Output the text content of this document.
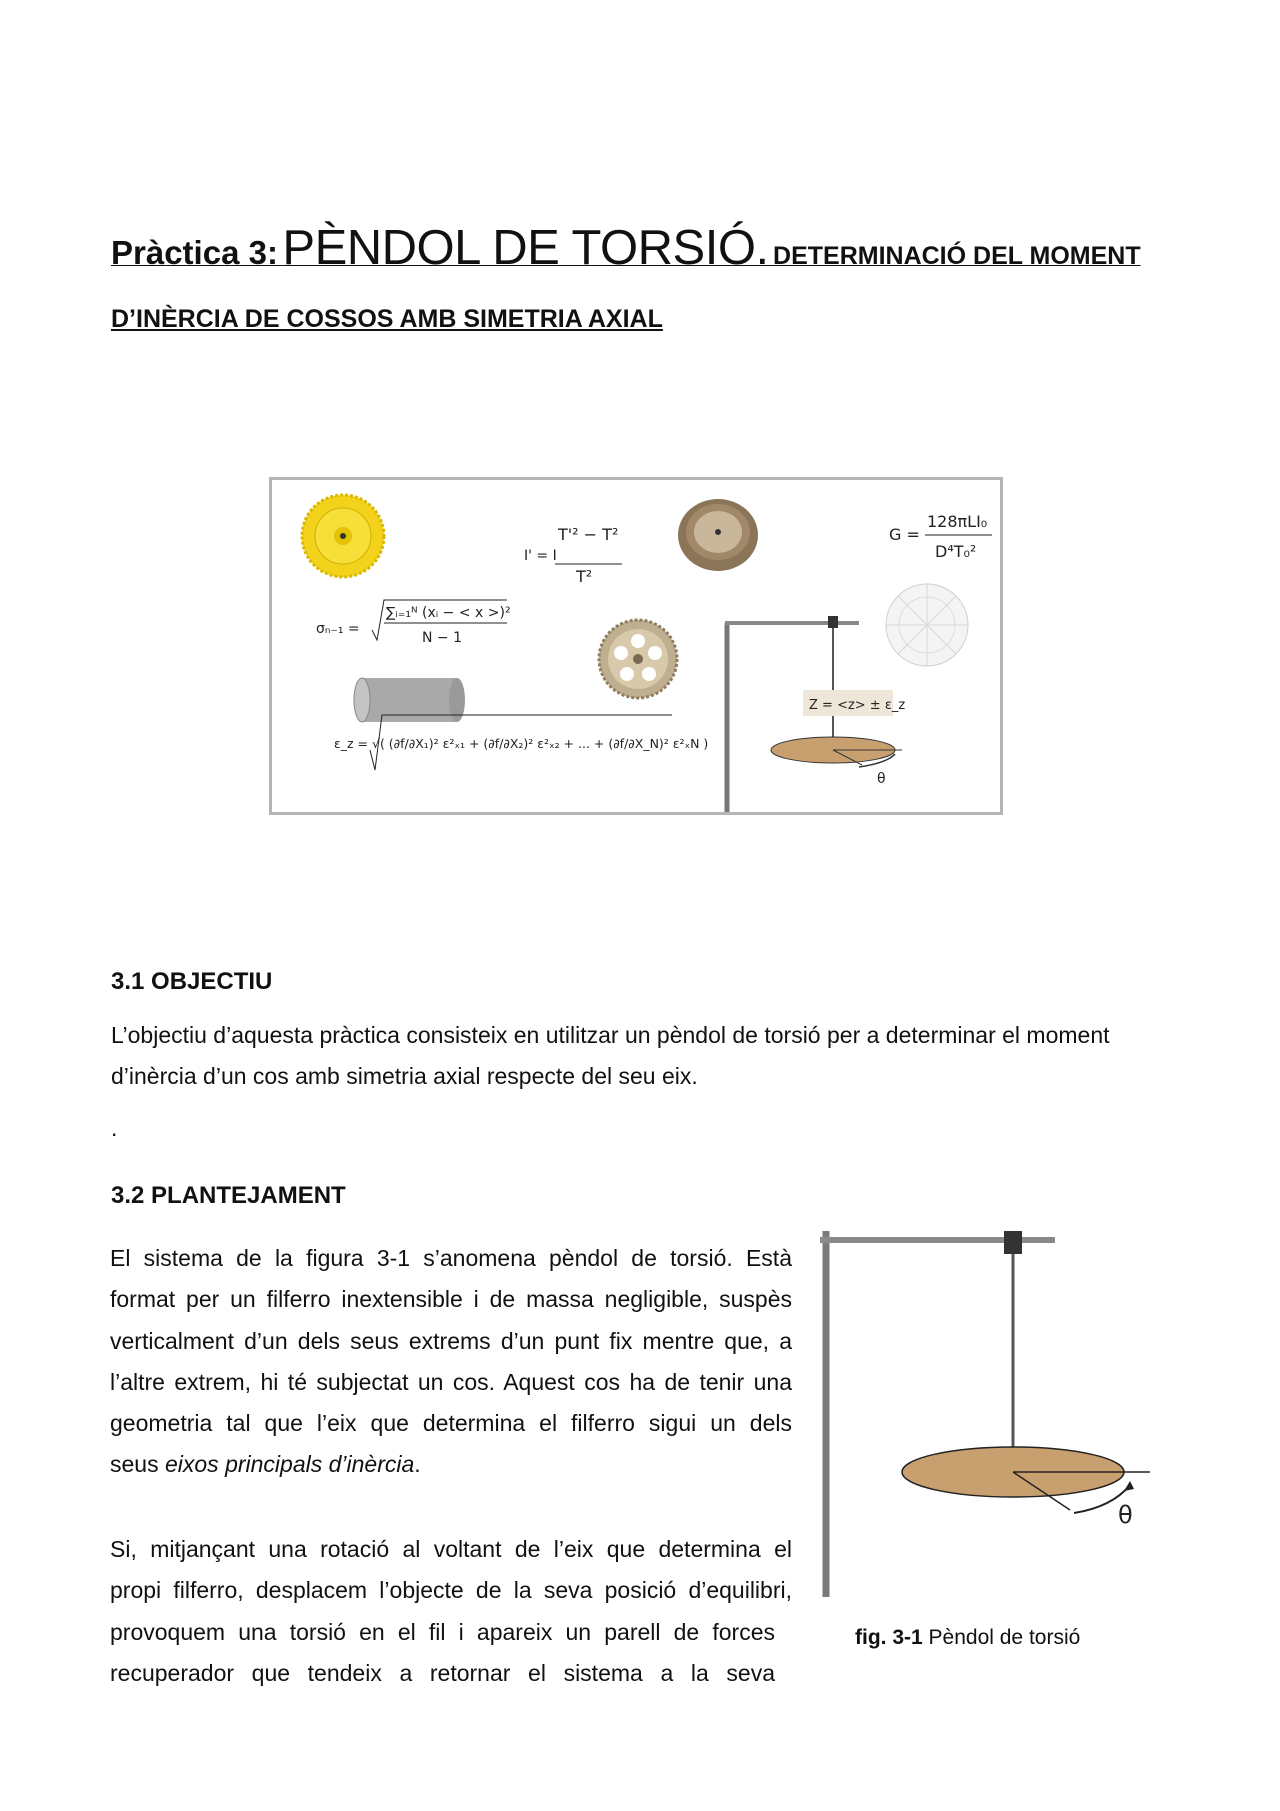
Pràctica 3: PÈNDOL DE TORSIÓ. DETERMINACIÓ DEL MOMENT
D’INÈRCIA DE COSSOS AMB SIMETRIA AXIAL
θ
I' = I
T'² − T²
T²
G =
128πLI₀
D⁴T₀²
σₙ₋₁ =
∑ᵢ₌₁ᴺ (xᵢ − < x >)²
N − 1
ε_z = √( (∂f/∂X₁)² ε²ₓ₁ + (∂f/∂X₂)² ε²ₓ₂ + ... + (∂f/∂X_N)² ε²ₓN )
Z = <z> ± ε_z
3.1 OBJECTIU
L’objectiu d’aquesta pràctica consisteix en utilitzar un pèndol de torsió per a determinar el moment
d’inèrcia d’un cos amb simetria axial respecte del seu eix.
.
3.2 PLANTEJAMENT
El sistema de la figura 3-1 s’anomena pèndol de torsió. Està
format per un filferro inextensible i de massa negligible, suspès
verticalment d’un dels seus extrems d’un punt fix mentre que, a
l’altre extrem, hi té subjectat un cos. Aquest cos ha de tenir una
geometria tal que l’eix que determina el filferro sigui un dels
seus eixos principals d’inèrcia.
Si, mitjançant una rotació al voltant de l’eix que determina el
propi filferro, desplacem l’objecte de la seva posició d’equilibri,
provoquem una torsió en el fil i apareix un parell de forces
recuperador que tendeix a retornar el sistema a la seva
θ
fig. 3-1 Pèndol de torsió
